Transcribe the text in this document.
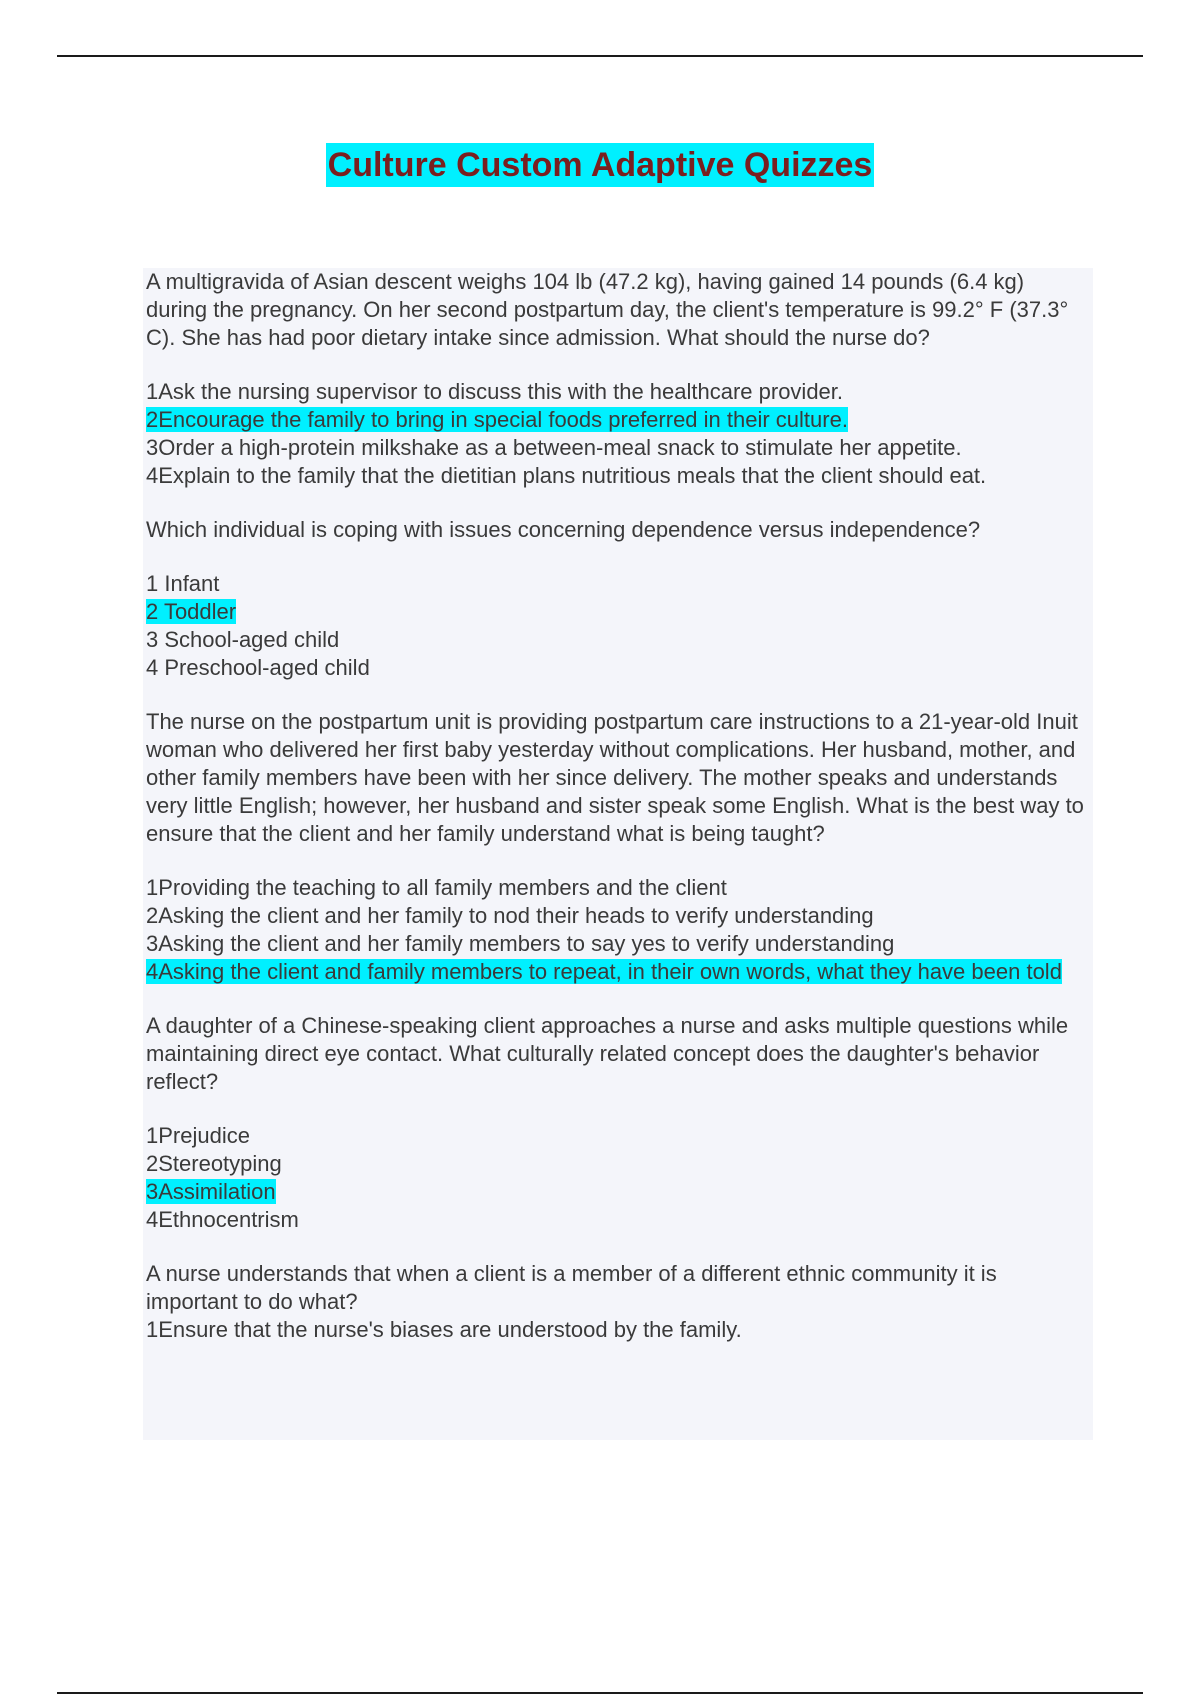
Culture Custom Adaptive Quizzes

A multigravida of Asian descent weighs 104 lb (47.2 kg), having gained 14 pounds (6.4 kg) during the pregnancy. On her second postpartum day, the client's temperature is 99.2° F (37.3° C). She has had poor dietary intake since admission. What should the nurse do?

1Ask the nursing supervisor to discuss this with the healthcare provider.
2Encourage the family to bring in special foods preferred in their culture.
3Order a high-protein milkshake as a between-meal snack to stimulate her appetite.
4Explain to the family that the dietitian plans nutritious meals that the client should eat.

Which individual is coping with issues concerning dependence versus independence?

1 Infant
2 Toddler
3 School-aged child
4 Preschool-aged child

The nurse on the postpartum unit is providing postpartum care instructions to a 21-year-old Inuit woman who delivered her first baby yesterday without complications. Her husband, mother, and other family members have been with her since delivery. The mother speaks and understands very little English; however, her husband and sister speak some English. What is the best way to ensure that the client and her family understand what is being taught?

1Providing the teaching to all family members and the client
2Asking the client and her family to nod their heads to verify understanding
3Asking the client and her family members to say yes to verify understanding
4Asking the client and family members to repeat, in their own words, what they have been told

A daughter of a Chinese-speaking client approaches a nurse and asks multiple questions while maintaining direct eye contact. What culturally related concept does the daughter's behavior reflect?

1Prejudice
2Stereotyping
3Assimilation
4Ethnocentrism

A nurse understands that when a client is a member of a different ethnic community it is important to do what?

1Ensure that the nurse's biases are understood by the family.
